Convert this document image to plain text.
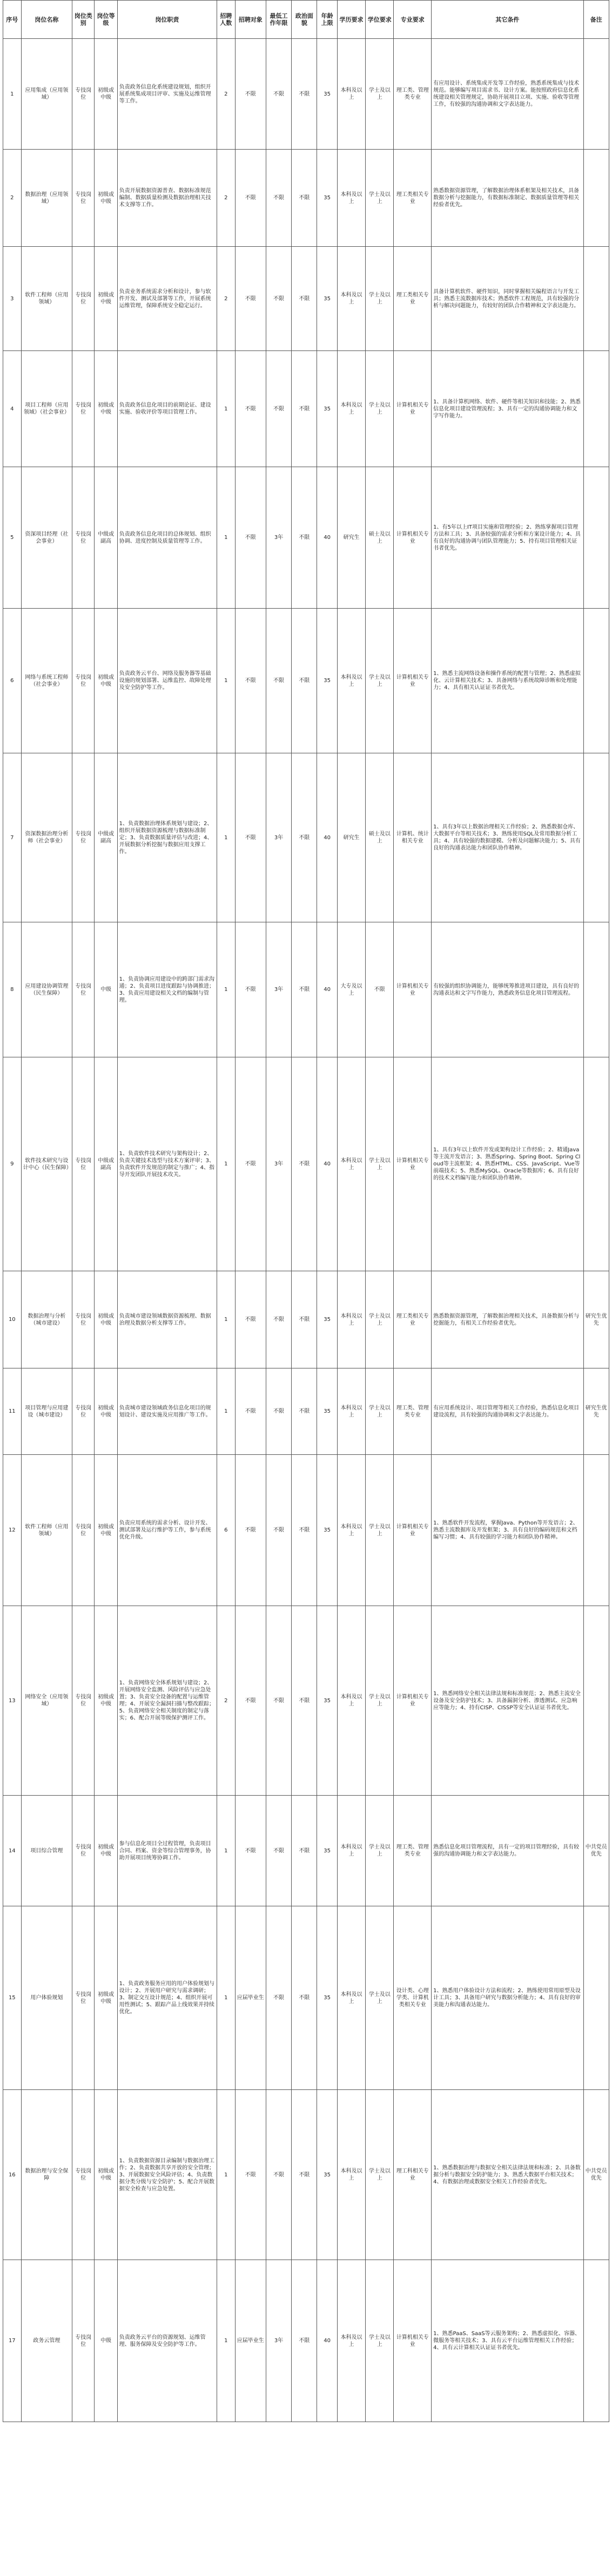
序号	岗位名称	岗位类别	岗位等级	岗位职责	招聘人数	招聘对象	最低工作年限	政治面貌	年龄上限	学历要求	学位要求	专业要求	其它条件	备注
1	应用集成（应用领域）	专技岗位	初级或中级	负责政务信息化系统建设规划，组织开展系统集成项目评审、实施及运维管理等工作。	2	不限	不限	不限	35	本科及以上	学士及以上	理工类、管理类专业	有应用设计、系统集成开发等工作经验，熟悉系统集成与技术规范。能够编写项目需求书、设计方案。能按照政府信息化系统建设相关管理规定，协助开展项目立项、实施、验收等管理工作，有较强的沟通协调和文字表达能力。	
2	数据治理（应用领域）	专技岗位	初级或中级	负责开展数据资源普查、数据标准规范编制、数据质量检测及数据治理相关技术支撑等工作。	2	不限	不限	不限	35	本科及以上	学士及以上	理工类相关专业	熟悉数据资源管理，了解数据治理体系框架及相关技术，具备数据分析与挖掘能力，有数据标准制定、数据质量管理等相关经验者优先。	
3	软件工程师（应用领域）	专技岗位	初级或中级	负责业务系统需求分析和设计，参与软件开发、测试及部署等工作，开展系统运维管理，保障系统安全稳定运行。	2	不限	不限	不限	35	本科及以上	学士及以上	理工类相关专业	具备计算机软件、硬件知识，同时掌握相关编程语言与开发工具；熟悉主流数据库技术；熟悉软件工程规范，具有较强的分析与解决问题能力，有较好的团队合作精神和文字表达能力。	
4	项目工程师（应用领域）（社会事业）	专技岗位	初级或中级	负责政务信息化项目的前期论证、建设实施、验收评价等项目管理工作。	1	不限	不限	不限	35	本科及以上	学士及以上	计算机相关专业	1、具备计算机网络、软件、硬件等相关知识和技能；2、熟悉信息化项目建设管理流程；3、具有一定的沟通协调能力和文字写作能力。	
5	资深项目经理（社会事业）	专技岗位	中级或副高	负责政务信息化项目的总体规划、组织协调、进度控制及质量管理等工作。	1	不限	3年	不限	40	研究生	硕士及以上	计算机相关专业	1、有5年以上IT项目实施和管理经验；2、熟练掌握项目管理方法和工具；3、具备较强的需求分析和方案设计能力；4、具有良好的沟通协调与团队管理能力；5、持有项目管理相关证书者优先。	
6	网络与系统工程师（社会事业）	专技岗位	初级或中级	负责政务云平台、网络及服务器等基础设施的规划部署、运维监控、故障处理及安全防护等工作。	1	不限	不限	不限	35	本科及以上	学士及以上	计算机相关专业	1、熟悉主流网络设备和操作系统的配置与管理；2、熟悉虚拟化、云计算相关技术；3、具备网络与系统故障诊断和处理能力；4、具有相关认证证书者优先。	
7	资深数据治理分析师（社会事业）	专技岗位	中级或副高	1、负责数据治理体系规划与建设；2、组织开展数据资源梳理与数据标准制定；3、负责数据质量评估与改进；4、开展数据分析挖掘与数据应用支撑工作。	1	不限	3年	不限	40	研究生	硕士及以上	计算机、统计相关专业	1、具有3年以上数据治理相关工作经验；2、熟悉数据仓库、大数据平台等相关技术；3、熟练使用SQL及常用数据分析工具；4、具有较强的数据建模、分析及问题解决能力；5、具有良好的沟通表达能力和团队协作精神。	
8	应用建设协调管理（民生保障）	专技岗位	中级	1、负责协调应用建设中的跨部门需求沟通；2、负责项目进度跟踪与协调推进；3、负责应用建设相关文档的编制与管理。	1	不限	3年	不限	40	大专及以上	不限	计算机相关专业	有较强的组织协调能力，能够统筹推进项目建设，具有良好的沟通表达和文字写作能力，熟悉政务信息化项目管理流程。	
9	软件技术研究与设计中心（民生保障）	专技岗位	中级或副高	1、负责软件技术研究与架构设计；2、负责关键技术选型与技术方案评审；3、负责软件开发规范的制定与推广；4、指导开发团队开展技术攻关。	1	不限	3年	不限	40	本科及以上	学士及以上	计算机相关专业	1、具有3年以上软件开发或架构设计工作经验；2、精通Java等主流开发语言；3、熟悉Spring、Spring Boot、Spring Cloud等主流框架；4、熟悉HTML、CSS、JavaScript、Vue等前端技术；5、熟悉MySQL、Oracle等数据库；6、具有良好的技术文档编写能力和团队协作精神。	
10	数据治理与分析（城市建设）	专技岗位	初级或中级	负责城市建设领域数据资源梳理、数据治理及数据分析支撑等工作。	1	不限	不限	不限	35	本科及以上	学士及以上	理工类相关专业	熟悉数据资源管理，了解数据治理相关技术，具备数据分析与挖掘能力，有相关工作经验者优先。	研究生优先
11	项目管理与应用建设（城市建设）	专技岗位	初级或中级	负责城市建设领域政务信息化项目的规划设计、建设实施及应用推广等工作。	1	不限	不限	不限	35	本科及以上	学士及以上	理工类、管理类专业	有应用系统设计、项目管理等相关工作经验，熟悉信息化项目建设流程，具有较强的沟通协调和文字表达能力。	研究生优先
12	软件工程师（应用领域）	专技岗位	初级或中级	负责应用系统的需求分析、设计开发、测试部署及运行维护等工作，参与系统优化升级。	6	不限	不限	不限	35	本科及以上	学士及以上	计算机相关专业	1、熟悉软件开发流程，掌握Java、Python等开发语言；2、熟悉主流数据库及开发框架；3、具有良好的编码规范和文档编写习惯；4、具有较强的学习能力和团队协作精神。	
13	网络安全（应用领域）	专技岗位	初级或中级	1、负责网络安全体系规划与建设；2、开展网络安全监测、风险评估与应急处置；3、负责安全设备的配置与运维管理；4、开展安全漏洞扫描与整改跟踪；5、负责网络安全相关制度的制定与落实；6、配合开展等级保护测评工作。	2	不限	不限	不限	35	本科及以上	学士及以上	计算机相关专业	1、熟悉网络安全相关法律法规和标准规范；2、熟悉主流安全设备及安全防护技术；3、具备漏洞分析、渗透测试、应急响应等能力；4、持有CISP、CISSP等安全认证证书者优先。	
14	项目综合管理	专技岗位	初级或中级	参与信息化项目全过程管理，负责项目合同、档案、资金等综合管理事务，协助开展项目统筹协调工作。	1	不限	不限	不限	35	本科及以上	学士及以上	理工类、管理类专业	熟悉信息化项目管理流程，具有一定的项目管理经验，具有较强的沟通协调能力和文字表达能力。	中共党员优先
15	用户体验规划	专技岗位	初级或中级	1、负责政务服务应用的用户体验规划与设计；2、开展用户研究与需求调研；3、制定交互设计规范；4、组织开展可用性测试；5、跟踪产品上线效果并持续优化。	1	应届毕业生	不限	不限	35	本科及以上	学士及以上	设计类、心理学类、计算机类相关专业	1、熟悉用户体验设计方法和流程；2、熟练使用常用原型及设计工具；3、具备用户研究与数据分析能力；4、具有良好的审美能力和沟通表达能力。	
16	数据治理与安全保障	专技岗位	初级或中级	1、负责数据资源目录编制与数据治理工作；2、负责数据共享开放的安全管理；3、开展数据安全风险评估；4、负责数据分类分级与安全防护；5、配合开展数据安全检查与应急处置。	1	不限	不限	不限	35	本科及以上	学士及以上	理工科相关专业	1、熟悉数据治理与数据安全相关法律法规和标准；2、具备数据分析与数据安全防护能力；3、熟悉大数据平台相关技术；4、有数据治理或数据安全相关工作经验者优先。	中共党员优先
17	政务云管理	专技岗位	中级	负责政务云平台的资源规划、运维管理、服务保障及安全防护等工作。	1	应届毕业生	3年	不限	40	本科及以上	学士及以上	计算机相关专业	1、熟悉PaaS、SaaS等云服务架构；2、熟悉虚拟化、容器、微服务等相关技术；3、具有云平台运维管理相关工作经验；4、具有云计算相关认证证书者优先。	
